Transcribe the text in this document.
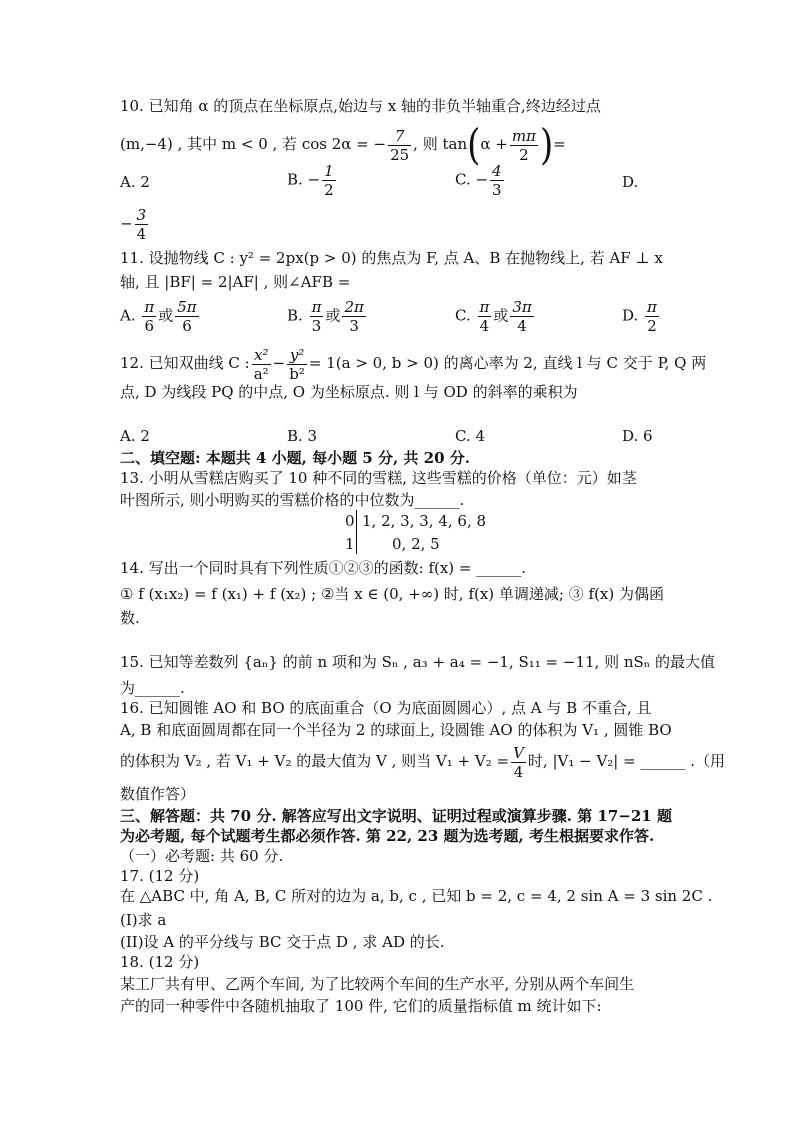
10. 已知角 α 的顶点在坐标原点,始边与 x 轴的非负半轴重合,终边经过点
(m,−4) , 其中 m < 0 , 若 cos 2α = − $\frac{7}{25}$ , 则 $\tan(\alpha + \frac{m\pi}{2}$ )=
A. 2	B. − $\frac{1}{2}$	C. − $\frac{4}{3}$	D.
− $\frac{3}{4}$
11. 设抛物线 C : y² = 2px(p > 0) 的焦点为 F, 点 A、B 在抛物线上, 若 AF ⊥ x
轴, 且 |BF| = 2|AF| , 则∠AFB =
A. $\frac{\pi}{6}$ 或 $\frac{5\pi}{6}$	B. $\frac{\pi}{3}$ 或 $\frac{2\pi}{3}$	C. $\frac{\pi}{4}$ 或 $\frac{3\pi}{4}$	D. $\frac{\pi}{2}$
12. 已知双曲线 C : $\frac{\text{x²}}{\text{a²}} - \frac{\text{y²}}{\text{b²}} = 1(a > 0$, b > 0) 的离心率为 2, 直线 l 与 C 交于 P, Q 两
点, D 为线段 PQ 的中点, O 为坐标原点. 则 l 与 OD 的斜率的乘积为
A. 2	B. 3	C. 4	D. 6
二、填空题: 本题共 4 小题, 每小题 5 分, 共 20 分.
13. 小明从雪糕店购买了 10 种不同的雪糕, 这些雪糕的价格（单位：元）如茎
叶图所示, 则小明购买的雪糕价格的中位数为______.
0 1, 2, 3, 3, 4, 6, 8
1 0, 2, 5
14. 写出一个同时具有下列性质①②③的函数: f(x) = ______.
① f (x₁x₂) = f (x₁) + f (x₂) ; ②当 x ∈ (0, +∞) 时, f(x) 单调递减; ③ f(x) 为偶函
数.
15. 已知等差数列 {aₙ} 的前 n 项和为 Sₙ , a₃ + a₄ = −1, S₁₁ = −11, 则 nSₙ 的最大值
为______.
16. 已知圆锥 AO 和 BO 的底面重合（O 为底面圆圆心）, 点 A 与 B 不重合, 且
A, B 和底面圆周都在同一个半径为 2 的球面上, 设圆锥 AO 的体积为 V₁ , 圆锥 BO
的体积为 V₂ , 若 V₁ + V₂ 的最大值为 V , 则当 $V_1 + V_2 = \frac{V}{4}$ 时, |V₁ − V₂| = ______ .（用
数值作答）
三、解答题：共 70 分. 解答应写出文字说明、证明过程或演算步骤. 第 17−21 题
为必考题, 每个试题考生都必须作答. 第 22, 23 题为选考题, 考生根据要求作答.
（一）必考题: 共 60 分.
17. (12 分)
在 △ABC 中, 角 A, B, C 所对的边为 a, b, c , 已知 b = 2, c = 4, 2 sin A = 3 sin 2C .
(I)求 a
(II)设 A 的平分线与 BC 交于点 D , 求 AD 的长.
18. (12 分)
某工厂共有甲、乙两个车间, 为了比较两个车间的生产水平, 分别从两个车间生
产的同一种零件中各随机抽取了 100 件, 它们的质量指标值 m 统计如下:
